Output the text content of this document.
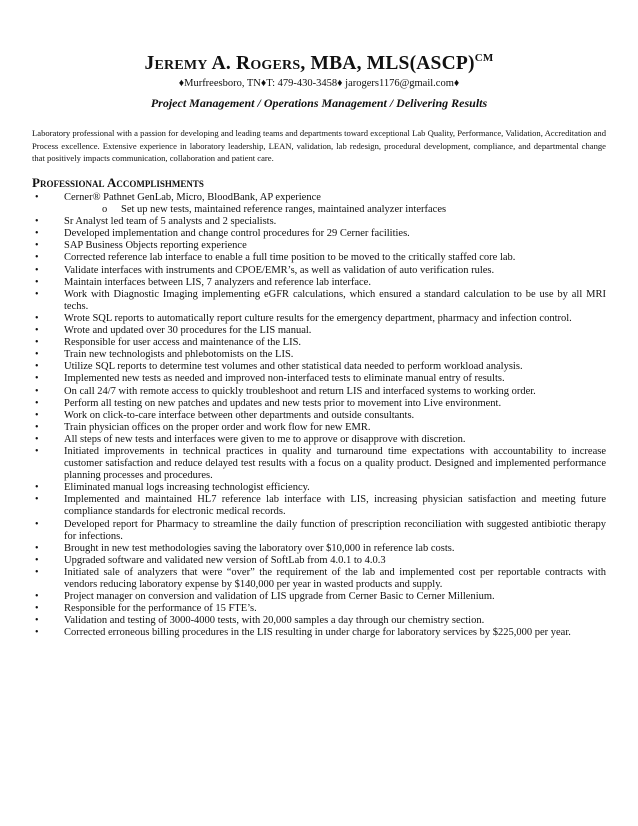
Jeremy A. Rogers, MBA, MLS(ASCP)$^{CM}$
♦Murfreesboro, TN♦T: 479-430-3458♦ jarogers1176@gmail.com♦
Project Management / Operations Management / Delivering Results

Laboratory professional with a passion for developing and leading teams and departments toward exceptional Lab Quality, Performance, Validation, Accreditation and Process excellence. Extensive experience in laboratory leadership, LEAN, validation, lab redesign, procedural development, compliance, and departmental change that positively impacts communication, collaboration and patient care.

Professional Accomplishments
• Cerner® Pathnet GenLab, Micro, BloodBank, AP experience
o Set up new tests, maintained reference ranges, maintained analyzer interfaces
• Sr Analyst led team of 5 analysts and 2 specialists.
• Developed implementation and change control procedures for 29 Cerner facilities.
• SAP Business Objects reporting experience
• Corrected reference lab interface to enable a full time position to be moved to the critically staffed core lab.
• Validate interfaces with instruments and CPOE/EMR’s, as well as validation of auto verification rules.
• Maintain interfaces between LIS, 7 analyzers and reference lab interface.
• Work with Diagnostic Imaging implementing eGFR calculations, which ensured a standard calculation to be use by all MRI techs.
• Wrote SQL reports to automatically report culture results for the emergency department, pharmacy and infection control.
• Wrote and updated over 30 procedures for the LIS manual.
• Responsible for user access and maintenance of the LIS.
• Train new technologists and phlebotomists on the LIS.
• Utilize SQL reports to determine test volumes and other statistical data needed to perform workload analysis.
• Implemented new tests as needed and improved non-interfaced tests to eliminate manual entry of results.
• On call 24/7 with remote access to quickly troubleshoot and return LIS and interfaced systems to working order.
• Perform all testing on new patches and updates and new tests prior to movement into Live environment.
• Work on click-to-care interface between other departments and outside consultants.
• Train physician offices on the proper order and work flow for new EMR.
• All steps of new tests and interfaces were given to me to approve or disapprove with discretion.
• Initiated improvements in technical practices in quality and turnaround time expectations with accountability to increase customer satisfaction and reduce delayed test results with a focus on a quality product. Designed and implemented performance planning processes and procedures.
• Eliminated manual logs increasing technologist efficiency.
• Implemented and maintained HL7 reference lab interface with LIS, increasing physician satisfaction and meeting future compliance standards for electronic medical records.
• Developed report for Pharmacy to streamline the daily function of prescription reconciliation with suggested antibiotic therapy for infections.
• Brought in new test methodologies saving the laboratory over $10,000 in reference lab costs.
• Upgraded software and validated new version of SoftLab from 4.0.1 to 4.0.3
• Initiated sale of analyzers that were “over” the requirement of the lab and implemented cost per reportable contracts with vendors reducing laboratory expense by $140,000 per year in wasted products and supply.
• Project manager on conversion and validation of LIS upgrade from Cerner Basic to Cerner Millenium.
• Responsible for the performance of 15 FTE’s.
• Validation and testing of 3000-4000 tests, with 20,000 samples a day through our chemistry section.
• Corrected erroneous billing procedures in the LIS resulting in under charge for laboratory services by $225,000 per year.
